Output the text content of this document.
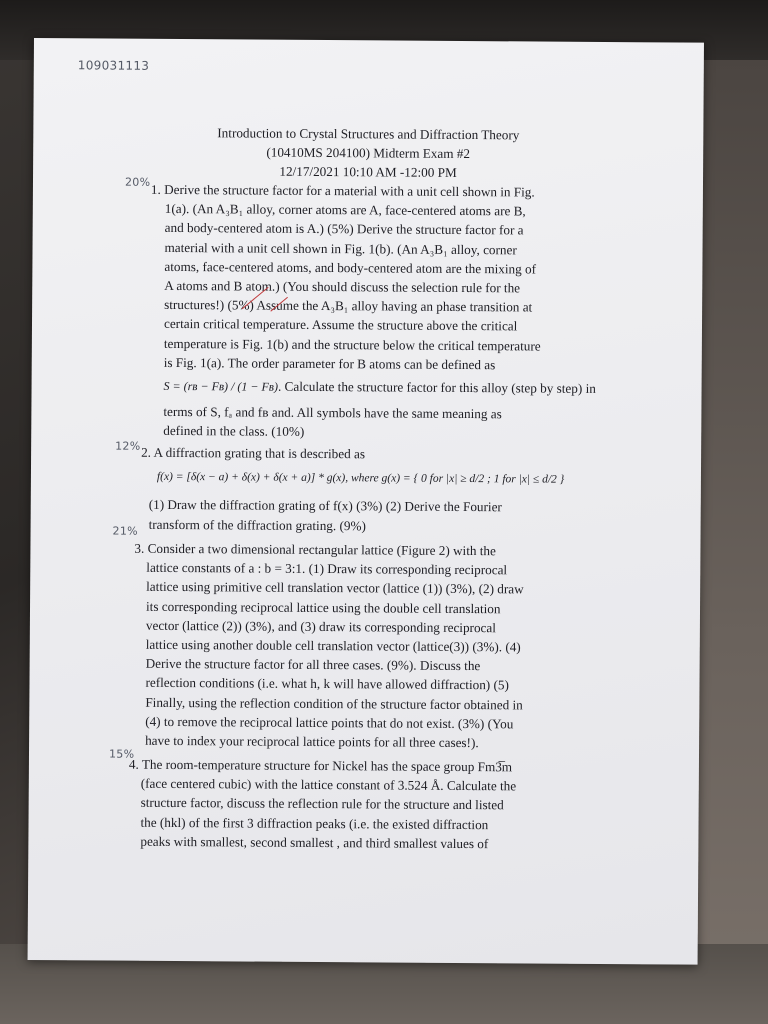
109031113
Introduction to Crystal Structures and Diffraction Theory
(10410MS 204100) Midterm Exam #2
12/17/2021 10:10 AM -12:00 PM
20%
12%
21%
15%

1. Derive the structure factor for a material with a unit cell shown in Fig.

1(a). (An A₃B₁ alloy, corner atoms are A, face-centered atoms are B,

and body-centered atom is A.) (5%) Derive the structure factor for a

material with a unit cell shown in Fig. 1(b). (An A₃B₁ alloy, corner

atoms, face-centered atoms, and body-centered atom are the mixing of

A atoms and B atom.) (You should discuss the selection rule for the

structures!) (5%) Assume the A₃B₁ alloy having an phase transition at

certain critical temperature. Assume the structure above the critical

temperature is Fig. 1(b) and the structure below the critical temperature

is Fig. 1(a). The order parameter for B atoms can be defined as

S = (rʙ − Fʙ) / (1 − Fʙ). Calculate the structure factor for this alloy (step by step) in

terms of S, fₐ and fʙ and. All symbols have the same meaning as

defined in the class. (10%)

2. A diffraction grating that is described as

f(x) = [δ(x − a) + δ(x) + δ(x + a)] * g(x), where g(x) = { 0 for |x| ≥ d/2 ; 1 for |x| ≤ d/2 }

(1) Draw the diffraction grating of f(x) (3%) (2) Derive the Fourier

transform of the diffraction grating. (9%)

3. Consider a two dimensional rectangular lattice (Figure 2) with the

lattice constants of a : b = 3:1. (1) Draw its corresponding reciprocal

lattice using primitive cell translation vector (lattice (1)) (3%), (2) draw

its corresponding reciprocal lattice using the double cell translation

vector (lattice (2)) (3%), and (3) draw its corresponding reciprocal

lattice using another double cell translation vector (lattice(3)) (3%). (4)

Derive the structure factor for all three cases. (9%). Discuss the

reflection conditions (i.e. what h, k will have allowed diffraction) (5)

Finally, using the reflection condition of the structure factor obtained in

(4) to remove the reciprocal lattice points that do not exist. (3%) (You

have to index your reciprocal lattice points for all three cases!).

4. The room-temperature structure for Nickel has the space group Fm3̅m

(face centered cubic) with the lattice constant of 3.524 Å. Calculate the

structure factor, discuss the reflection rule for the structure and listed

the (hkl) of the first 3 diffraction peaks (i.e. the existed diffraction

peaks with smallest, second smallest , and third smallest values of
